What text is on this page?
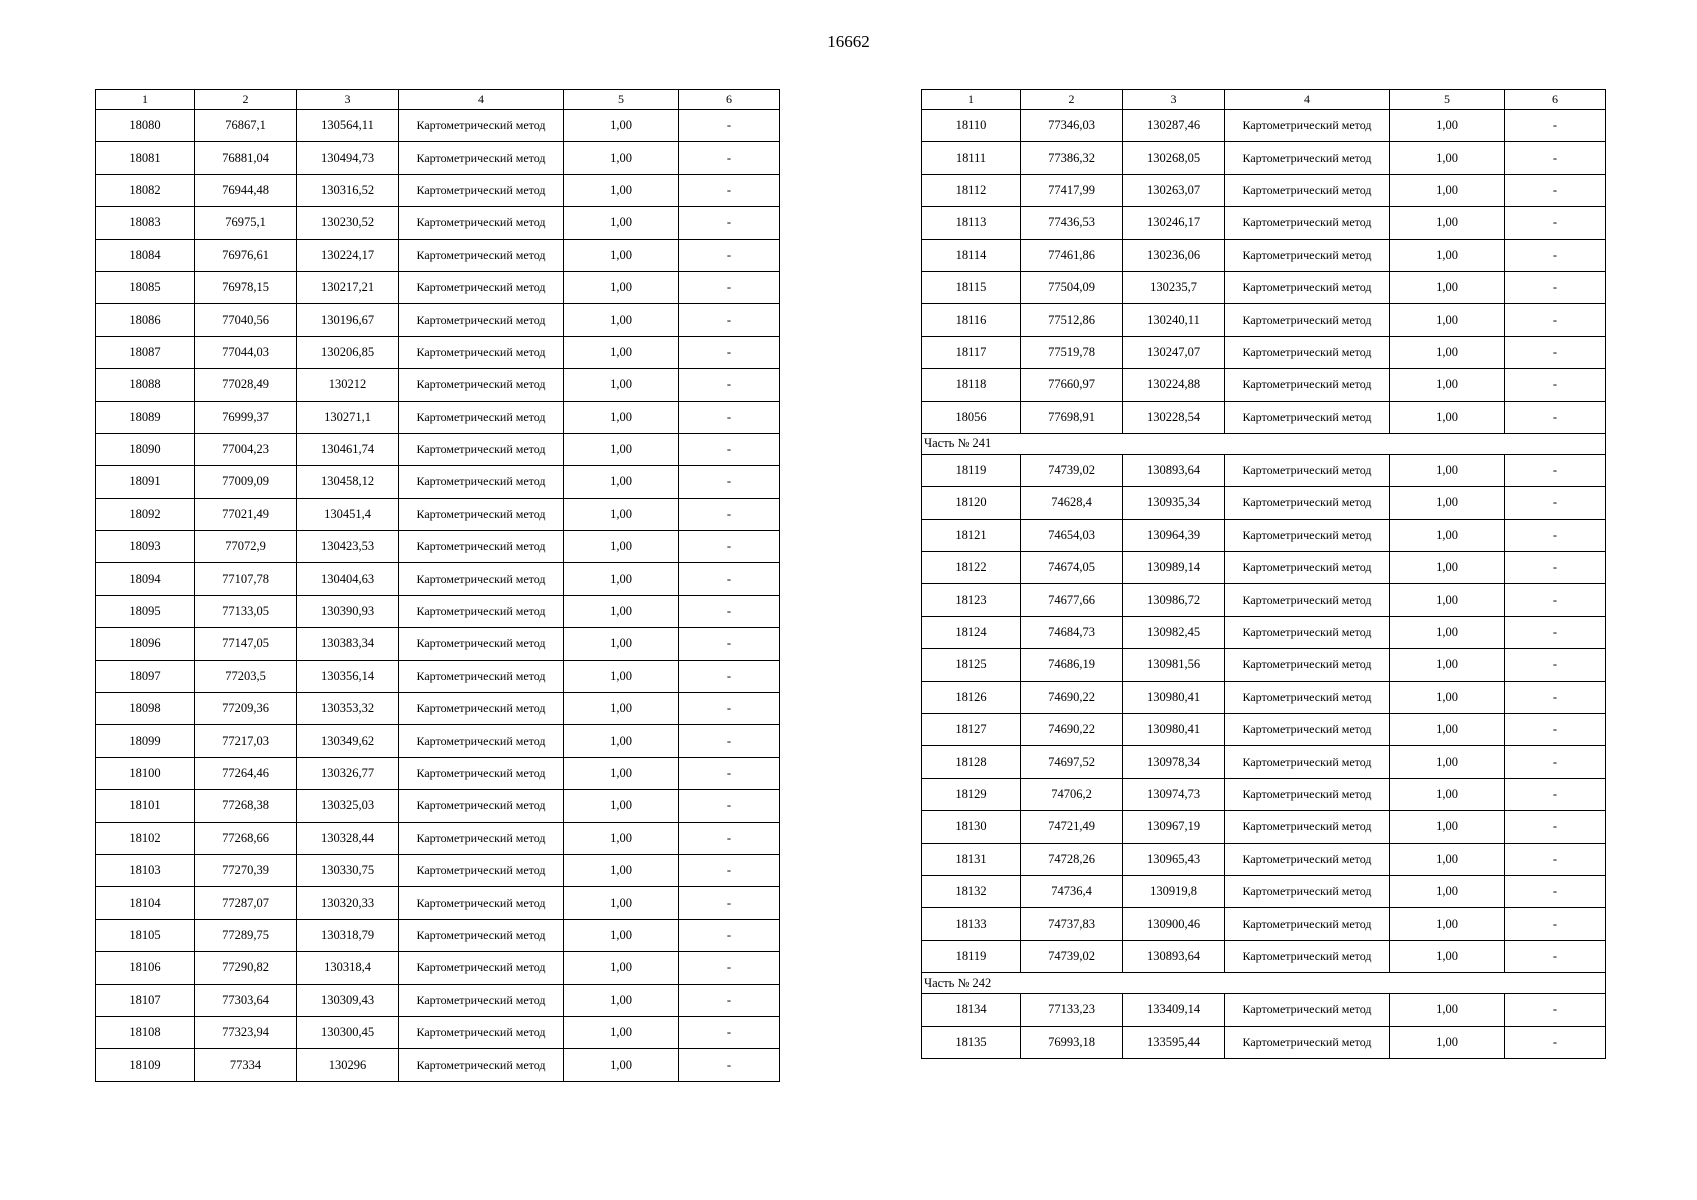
16662
1	2	3	4	5	6
18080	76867,1	130564,11	Картометрический метод	1,00	-
18081	76881,04	130494,73	Картометрический метод	1,00	-
18082	76944,48	130316,52	Картометрический метод	1,00	-
18083	76975,1	130230,52	Картометрический метод	1,00	-
18084	76976,61	130224,17	Картометрический метод	1,00	-
18085	76978,15	130217,21	Картометрический метод	1,00	-
18086	77040,56	130196,67	Картометрический метод	1,00	-
18087	77044,03	130206,85	Картометрический метод	1,00	-
18088	77028,49	130212	Картометрический метод	1,00	-
18089	76999,37	130271,1	Картометрический метод	1,00	-
18090	77004,23	130461,74	Картометрический метод	1,00	-
18091	77009,09	130458,12	Картометрический метод	1,00	-
18092	77021,49	130451,4	Картометрический метод	1,00	-
18093	77072,9	130423,53	Картометрический метод	1,00	-
18094	77107,78	130404,63	Картометрический метод	1,00	-
18095	77133,05	130390,93	Картометрический метод	1,00	-
18096	77147,05	130383,34	Картометрический метод	1,00	-
18097	77203,5	130356,14	Картометрический метод	1,00	-
18098	77209,36	130353,32	Картометрический метод	1,00	-
18099	77217,03	130349,62	Картометрический метод	1,00	-
18100	77264,46	130326,77	Картометрический метод	1,00	-
18101	77268,38	130325,03	Картометрический метод	1,00	-
18102	77268,66	130328,44	Картометрический метод	1,00	-
18103	77270,39	130330,75	Картометрический метод	1,00	-
18104	77287,07	130320,33	Картометрический метод	1,00	-
18105	77289,75	130318,79	Картометрический метод	1,00	-
18106	77290,82	130318,4	Картометрический метод	1,00	-
18107	77303,64	130309,43	Картометрический метод	1,00	-
18108	77323,94	130300,45	Картометрический метод	1,00	-
18109	77334	130296	Картометрический метод	1,00	-
1	2	3	4	5	6
18110	77346,03	130287,46	Картометрический метод	1,00	-
18111	77386,32	130268,05	Картометрический метод	1,00	-
18112	77417,99	130263,07	Картометрический метод	1,00	-
18113	77436,53	130246,17	Картометрический метод	1,00	-
18114	77461,86	130236,06	Картометрический метод	1,00	-
18115	77504,09	130235,7	Картометрический метод	1,00	-
18116	77512,86	130240,11	Картометрический метод	1,00	-
18117	77519,78	130247,07	Картометрический метод	1,00	-
18118	77660,97	130224,88	Картометрический метод	1,00	-
18056	77698,91	130228,54	Картометрический метод	1,00	-
Часть № 241					
18119	74739,02	130893,64	Картометрический метод	1,00	-
18120	74628,4	130935,34	Картометрический метод	1,00	-
18121	74654,03	130964,39	Картометрический метод	1,00	-
18122	74674,05	130989,14	Картометрический метод	1,00	-
18123	74677,66	130986,72	Картометрический метод	1,00	-
18124	74684,73	130982,45	Картометрический метод	1,00	-
18125	74686,19	130981,56	Картометрический метод	1,00	-
18126	74690,22	130980,41	Картометрический метод	1,00	-
18127	74690,22	130980,41	Картометрический метод	1,00	-
18128	74697,52	130978,34	Картометрический метод	1,00	-
18129	74706,2	130974,73	Картометрический метод	1,00	-
18130	74721,49	130967,19	Картометрический метод	1,00	-
18131	74728,26	130965,43	Картометрический метод	1,00	-
18132	74736,4	130919,8	Картометрический метод	1,00	-
18133	74737,83	130900,46	Картометрический метод	1,00	-
18119	74739,02	130893,64	Картометрический метод	1,00	-
Часть № 242					
18134	77133,23	133409,14	Картометрический метод	1,00	-
18135	76993,18	133595,44	Картометрический метод	1,00	-
